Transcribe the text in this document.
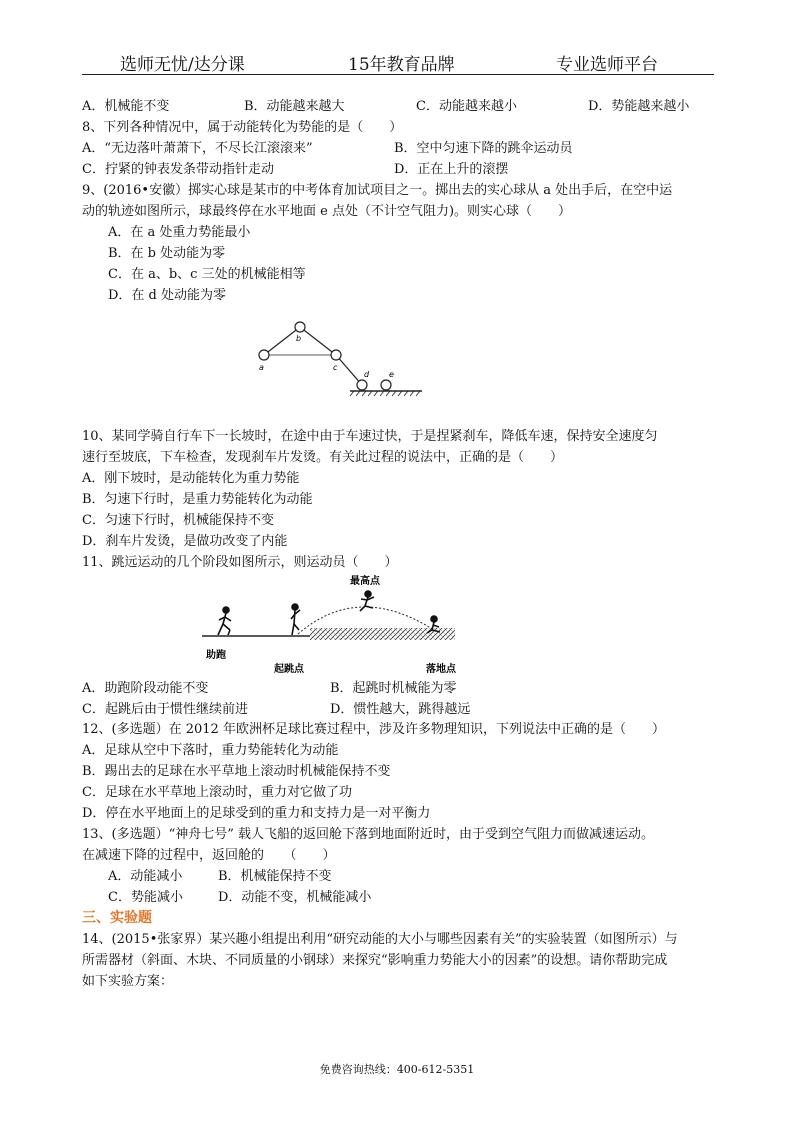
选师无忧/达分课	15年教育品牌	专业选师平台
A．机械能不变	B．动能越来越大	C．动能越来越小	D．势能越来越小
8、下列各种情况中，属于动能转化为势能的是（　　）
A．“无边落叶萧萧下，不尽长江滚滚来”	B．空中匀速下降的跳伞运动员
C．拧紧的钟表发条带动指针走动	D．正在上升的滚摆
9、(2016•安徽）掷实心球是某市的中考体育加试项目之一。掷出去的实心球从 a 处出手后，在空中运
动的轨迹如图所示，球最终停在水平地面 e 点处（不计空气阻力)。则实心球（　　）
A．在 a 处重力势能最小
B．在 b 处动能为零
C．在 a、b、c 三处的机械能相等
D．在 d 处动能为零
a
b
c
d e
10、某同学骑自行车下一长坡时，在途中由于车速过快，于是捏紧刹车，降低车速，保持安全速度匀
速行至坡底，下车检查，发现刹车片发烫。有关此过程的说法中，正确的是（　　）
A．刚下坡时，是动能转化为重力势能
B．匀速下行时，是重力势能转化为动能
C．匀速下行时，机械能保持不变
D．刹车片发烫，是做功改变了内能
11、跳远运动的几个阶段如图所示，则运动员（　　）
助跑
起跳点
最高点
落地点
A．助跑阶段动能不变	B．起跳时机械能为零
C．起跳后由于惯性继续前进	D．惯性越大，跳得越远
12、(多选题）在 2012 年欧洲杯足球比赛过程中，涉及许多物理知识，下列说法中正确的是（　　）
A．足球从空中下落时，重力势能转化为动能
B．踢出去的足球在水平草地上滚动时机械能保持不变
C．足球在水平草地上滚动时，重力对它做了功
D．停在水平地面上的足球受到的重力和支持力是一对平衡力
13、(多选题）“神舟七号” 载人飞船的返回舱下落到地面附近时，由于受到空气阻力而做减速运动。
在减速下降的过程中，返回舱的　　（　　）
A．动能减小	B．机械能保持不变
C．势能减小	D．动能不变，机械能减小
三、实验题
14、(2015•张家界）某兴趣小组提出利用“研究动能的大小与哪些因素有关”的实验装置（如图所示）与
所需器材（斜面、木块、不同质量的小钢球）来探究“影响重力势能大小的因素”的设想。请你帮助完成
如下实验方案：
免费咨询热线：400-612-5351
